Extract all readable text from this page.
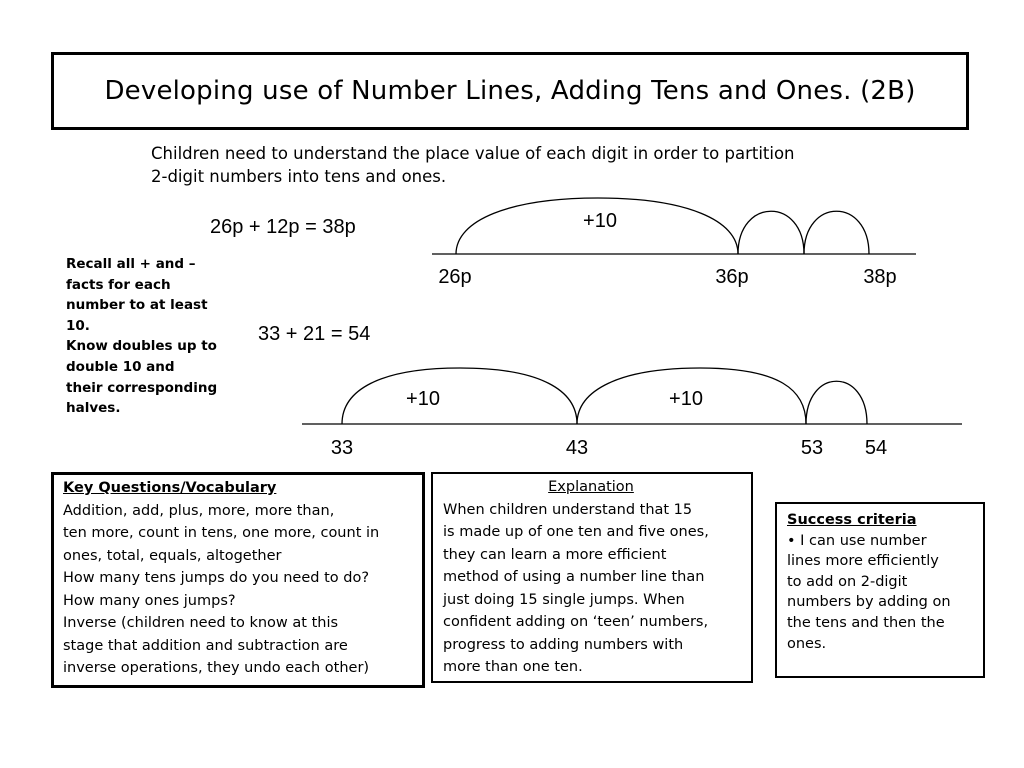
Developing use of Number Lines, Adding Tens and Ones. (2B)
Children need to understand the place value of each digit in order to partition
2-digit numbers into tens and ones.
26p + 12p = 38p
33 + 21 = 54
Recall all + and –
facts for each
number to at least
10.
Know doubles up to
double 10 and
their corresponding
halves.
+10
26p	36p	38p
+10	+10
33	43	53 54
Key Questions/Vocabulary
Addition, add, plus, more, more than,
ten more, count in tens, one more, count in
ones, total, equals, altogether
How many tens jumps do you need to do?
How many ones jumps?
Inverse (children need to know at this
stage that addition and subtraction are
inverse operations, they undo each other)
Explanation
When children understand that 15
is made up of one ten and five ones,
they can learn a more efficient
method of using a number line than
just doing 15 single jumps. When
confident adding on ‘teen’ numbers,
progress to adding numbers with
more than one ten.
Success criteria
• I can use number
lines more efficiently
to add on 2-digit
numbers by adding on
the tens and then the
ones.
